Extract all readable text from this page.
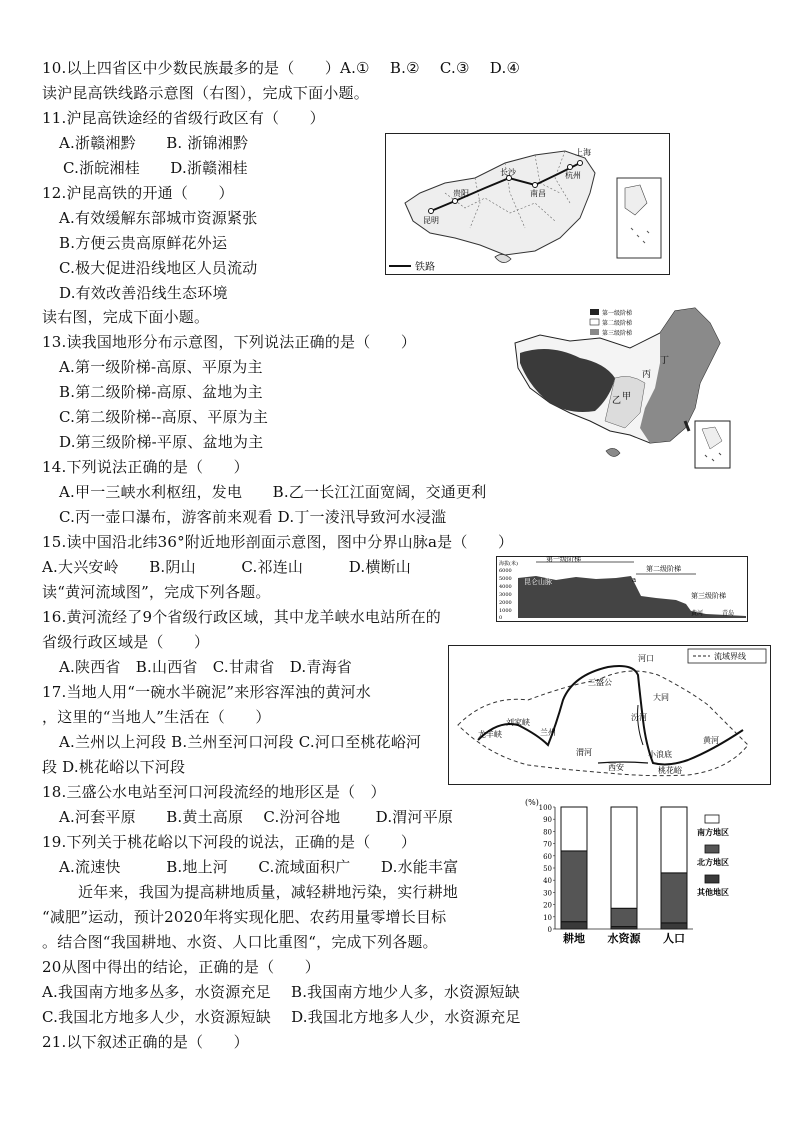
10.以上四省区中少数民族最多的是（　　）A.①　 B.②　 C.③　 D.④
读沪昆高铁线路示意图（右图），完成下面小题。
11.沪昆高铁途经的省级行政区有（　　）
A.浙赣湘黔　　B. 浙锦湘黔
C.浙皖湘桂　　D.浙赣湘桂
12.沪昆高铁的开通（　　）
A.有效缓解东部城市资源紧张
B.方便云贵高原鲜花外运
C.极大促进沿线地区人员流动
D.有效改善沿线生态环境
读右图，完成下面小题。
13.读我国地形分布示意图，下列说法正确的是（　　）
A.第一级阶梯-高原、平原为主
B.第二级阶梯-高原、盆地为主
C.第二级阶梯--高原、平原为主
D.第三级阶梯-平原、盆地为主
14.下列说法正确的是（　　）
A.甲一三峡水利枢纽，发电　　B.乙一长江江面宽阔，交通更利
C.丙一壶口瀑布，游客前来观看 D.丁一淩汛导致河水浸滥
15.读中国沿北纬36°附近地形剖面示意图，图中分界山脉a是（　　）
A.大兴安岭　　B.阴山　　　C.祁连山　　　D.横断山
读“黄河流域图”，完成下列各题。
16.黄河流经了9个省级行政区域，其中龙羊峡水电站所在的
省级行政区域是（　　）
A.陕西省　B.山西省　C.甘肃省　D.青海省
17.当地人用“一碗水半碗泥”来形容浑浊的黄河水
，这里的“当地人”生活在（　　）
A.兰州以上河段 B.兰州至河口河段 C.河口至桃花峪河
段 D.桃花峪以下河段
18.三盛公水电站至河口河段流经的地形区是（　）
A.河套平原　　B.黄土高原　 C.汾河谷地　　 D.渭河平原
19.下列关于桃花峪以下河段的说法，正确的是（　　）
A.流速快　　　B.地上河　　C.流域面积广　　D.水能丰富
近年来，我国为提高耕地质量，减轻耕地污染，实行耕地
“减肥”运动，预计2020年将实现化肥、农药用量零增长目标
。结合图“我国耕地、水资、人口比重图“，完成下列各题。
20从图中得出的结论，正确的是（　　）
A.我国南方地多丛多，水资源充足　 B.我国南方地少人多，水资源短缺
C.我国北方地多人少，水资源短缺　 D.我国北方地多人少，水资源充足
21.以下叙述正确的是（　　）
上海
杭州
南昌
长沙
贵阳
昆明
铁路
第一级阶梯
第二级阶梯
第三级阶梯
乙 甲
丙
丁
海拔(米)
6000
5000
4000
3000
2000
1000
0
昆仑山脉	a
第一级阶梯
第二级阶梯
第三级阶梯
黄河	青岛
流域界线
河口
三盛公
大同
刘家峡
龙羊峡	兰州
汾河
渭河	小浪底
西安	桃花峪
黄河
0
10
20
30
40
50
60
70
80
90
100
(%)
耕地 水资源 人口
南方地区
北方地区
其他地区
